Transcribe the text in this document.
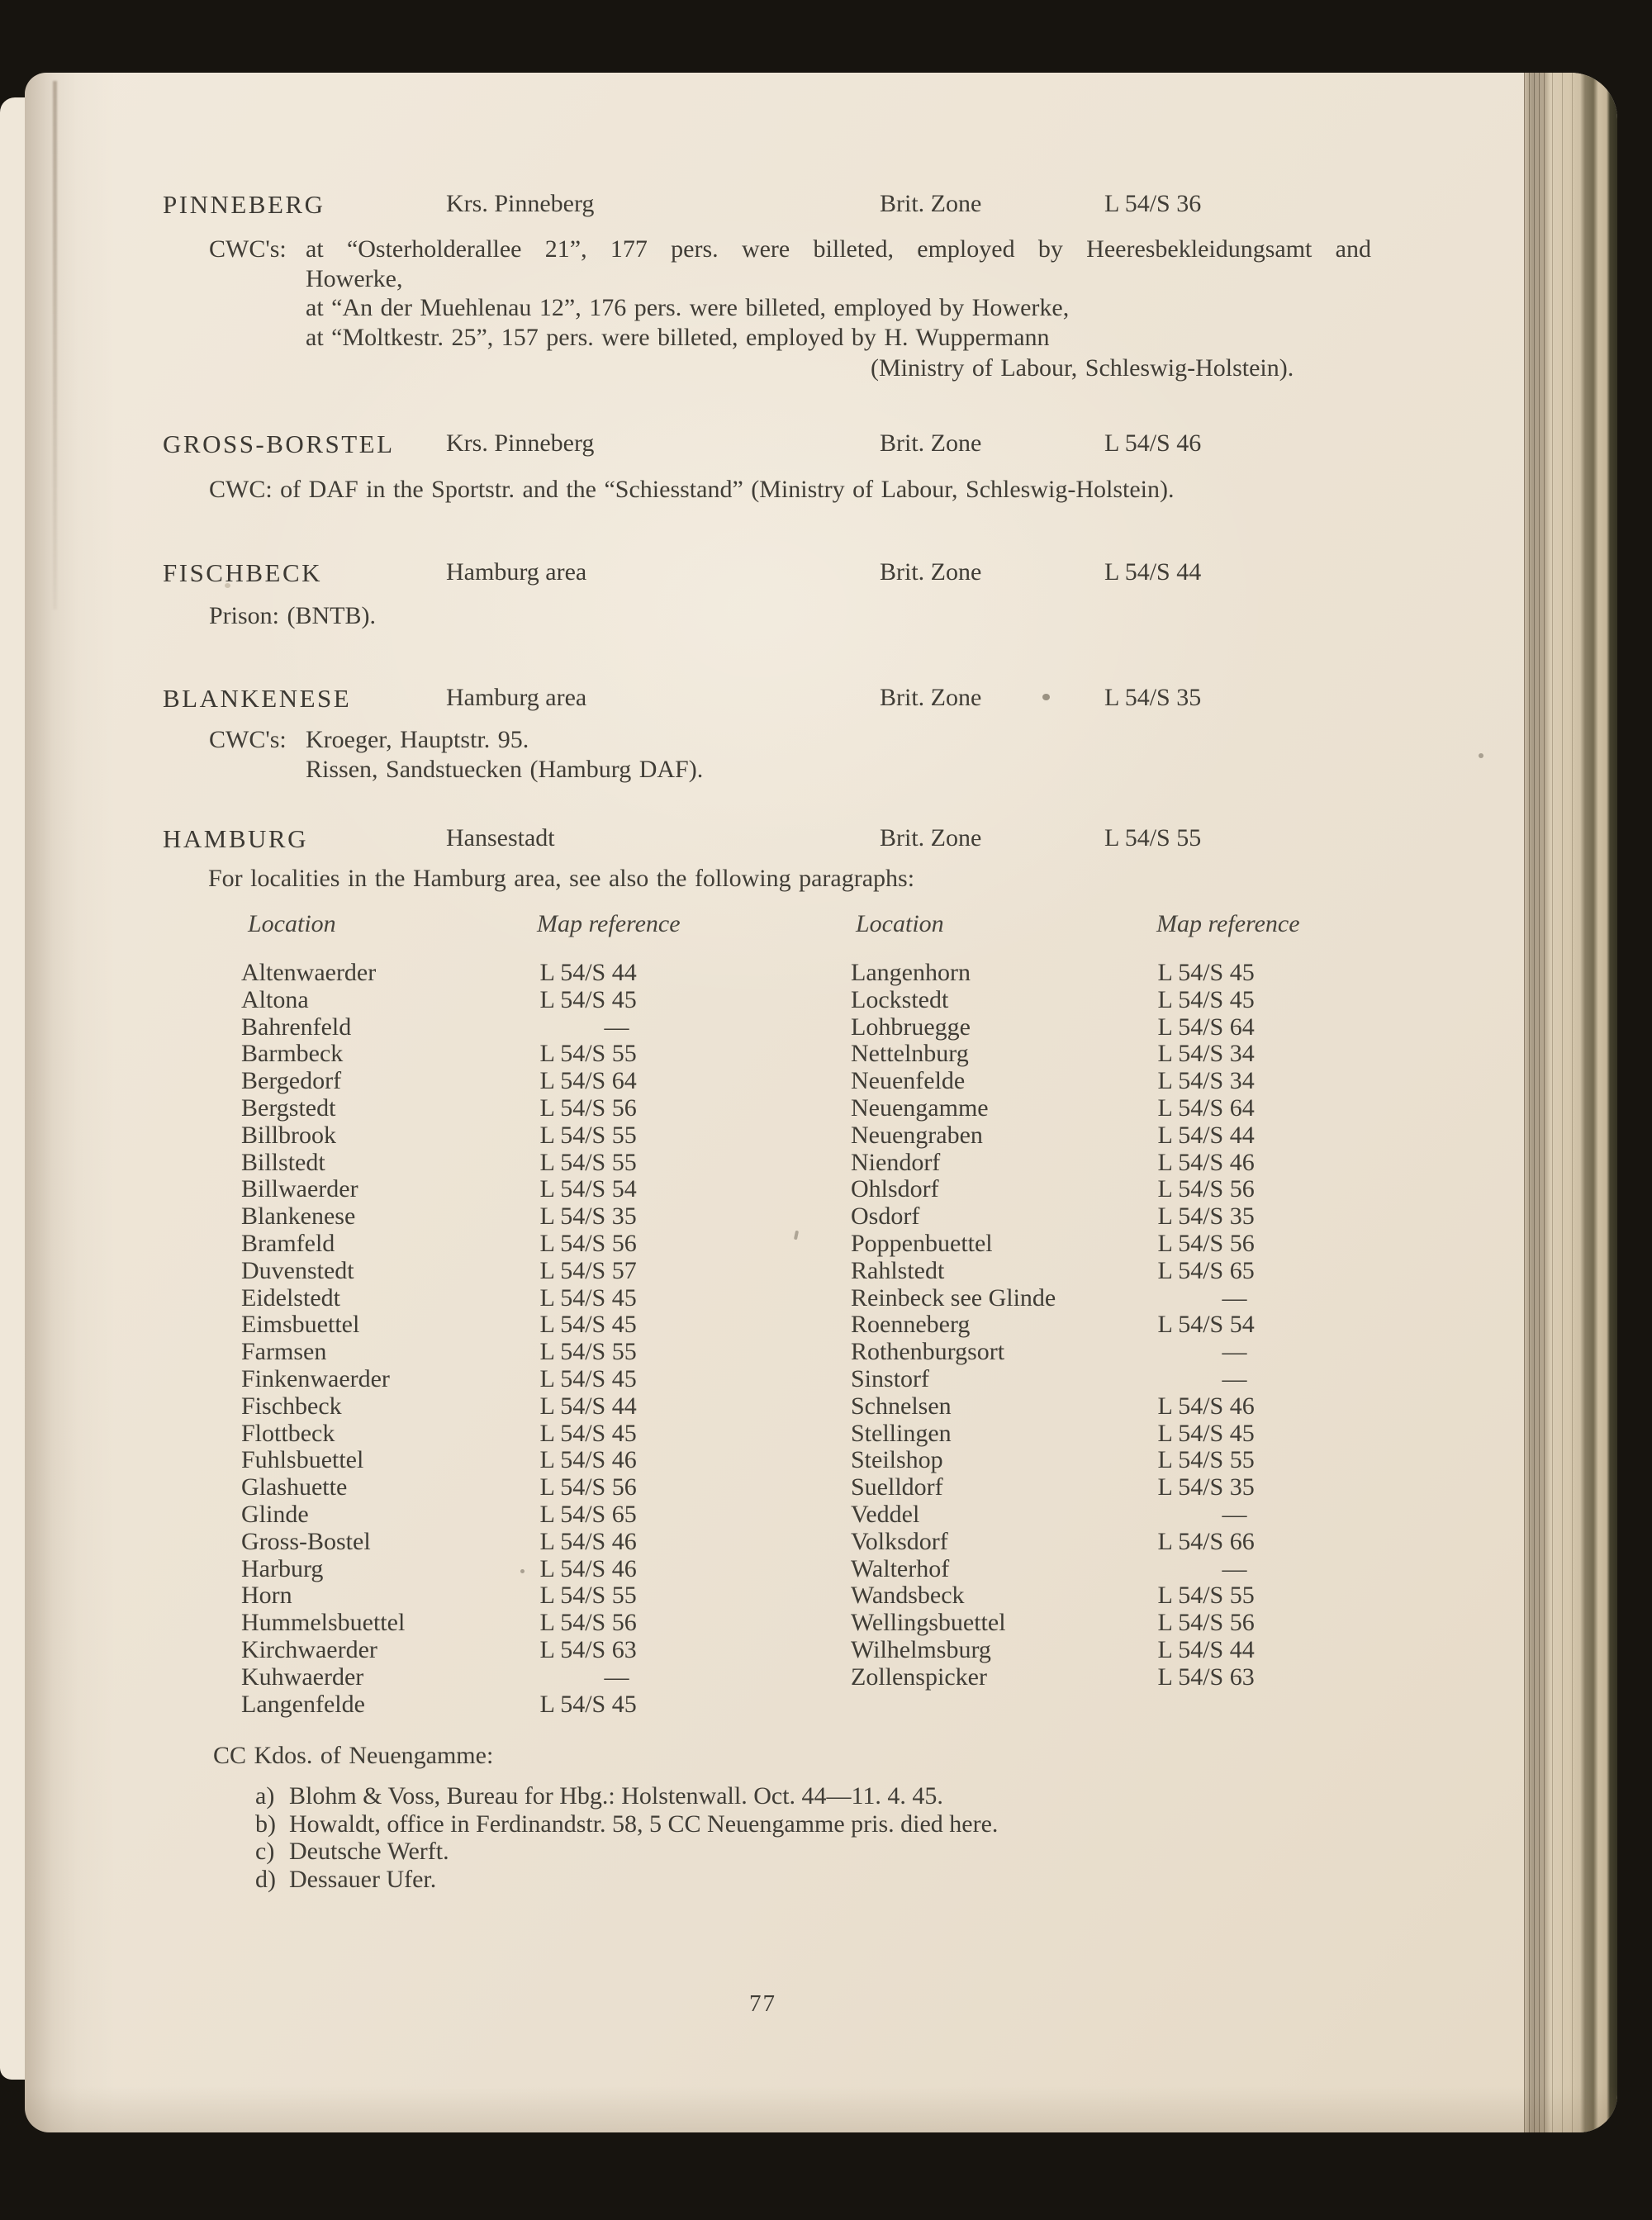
PINNEBERG	Krs. Pinneberg	Brit. Zone	L 54/S 36
CWC's: at “Osterholderallee 21”, 177 pers. were billeted, employed by Heeresbekleidungsamt and
Howerke,
at “An der Muehlenau 12”, 176 pers. were billeted, employed by Howerke,
at “Moltkestr. 25”, 157 pers. were billeted, employed by H. Wuppermann
(Ministry of Labour, Schleswig-Holstein).
GROSS-BORSTEL Krs. Pinneberg	Brit. Zone	L 54/S 46
CWC: of DAF in the Sportstr. and the “Schiesstand” (Ministry of Labour, Schleswig-Holstein).
FISCHBECK	Hamburg area	Brit. Zone	L 54/S 44
Prison: (BNTB).
BLANKENESE	Hamburg area	Brit. Zone	L 54/S 35
CWC's: Kroeger, Hauptstr. 95.
Rissen, Sandstuecken (Hamburg DAF).
HAMBURG	Hansestadt	Brit. Zone	L 54/S 55
For localities in the Hamburg area, see also the following paragraphs:
Location	Map reference	Location	Map reference
Altenwaerder	L 54/S 44
Altona	L 54/S 45
Bahrenfeld	—
Barmbeck	L 54/S 55
Bergedorf	L 54/S 64
Bergstedt	L 54/S 56
Billbrook	L 54/S 55
Billstedt	L 54/S 55
Billwaerder	L 54/S 54
Blankenese	L 54/S 35
Bramfeld	L 54/S 56
Duvenstedt	L 54/S 57
Eidelstedt	L 54/S 45
Eimsbuettel	L 54/S 45
Farmsen	L 54/S 55
Finkenwaerder	L 54/S 45
Fischbeck	L 54/S 44
Flottbeck	L 54/S 45
Fuhlsbuettel	L 54/S 46
Glashuette	L 54/S 56
Glinde	L 54/S 65
Gross-Bostel	L 54/S 46
Harburg	L 54/S 46
Horn	L 54/S 55
Hummelsbuettel	L 54/S 56
Kirchwaerder	L 54/S 63
Kuhwaerder	—
Langenfelde	L 54/S 45
Langenhorn	L 54/S 45
Lockstedt	L 54/S 45
Lohbruegge	L 54/S 64
Nettelnburg	L 54/S 34
Neuenfelde	L 54/S 34
Neuengamme	L 54/S 64
Neuengraben	L 54/S 44
Niendorf	L 54/S 46
Ohlsdorf	L 54/S 56
Osdorf	L 54/S 35
Poppenbuettel	L 54/S 56
Rahlstedt	L 54/S 65
Reinbeck see Glinde	—
Roenneberg	L 54/S 54
Rothenburgsort	—
Sinstorf	—
Schnelsen	L 54/S 46
Stellingen	L 54/S 45
Steilshop	L 54/S 55
Suelldorf	L 54/S 35
Veddel	—
Volksdorf	L 54/S 66
Walterhof	—
Wandsbeck	L 54/S 55
Wellingsbuettel	L 54/S 56
Wilhelmsburg	L 54/S 44
Zollenspicker	L 54/S 63
CC Kdos. of Neuengamme:
a) Blohm & Voss, Bureau for Hbg.: Holstenwall. Oct. 44—11. 4. 45.
b) Howaldt, office in Ferdinandstr. 58, 5 CC Neuengamme pris. died here.
c) Deutsche Werft.
d) Dessauer Ufer.
77
